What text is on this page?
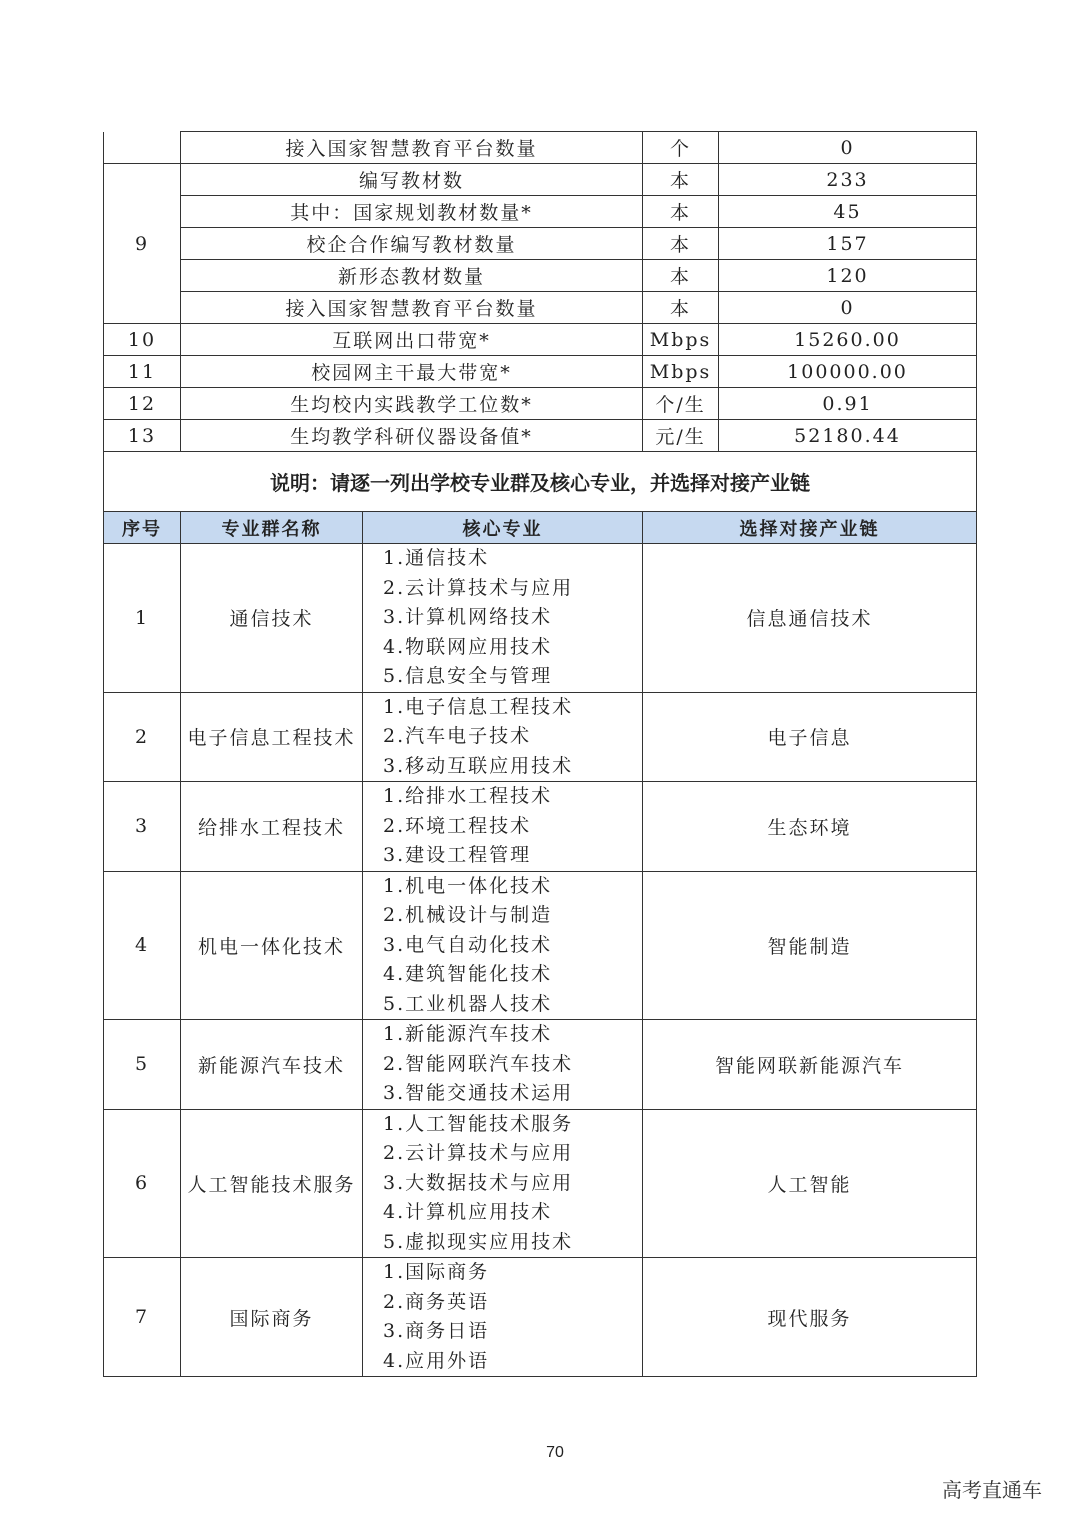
	接入国家智慧教育平台数量		个	0
9	编写教材数		本	233
	其中：国家规划教材数量*		本	45
	校企合作编写教材数量		本	157
	新形态教材数量		本	120
	接入国家智慧教育平台数量		本	0
10	互联网出口带宽*		Mbps	15260.00
11	校园网主干最大带宽*		Mbps	100000.00
12	生均校内实践教学工位数*		个/生	0.91
13	生均教学科研仪器设备值*		元/生	52180.44
说明：请逐一列出学校专业群及核心专业，并选择对接产业链				
序号	专业群名称	核心专业	选择对接产业链	
1	通信技术	1.通信技术
2.云计算技术与应用
3.计算机网络技术
4.物联网应用技术
5.信息安全与管理	信息通信技术	
2	电子信息工程技术	1.电子信息工程技术
2.汽车电子技术
3.移动互联应用技术	电子信息	
3	给排水工程技术	1.给排水工程技术
2.环境工程技术
3.建设工程管理	生态环境	
4	机电一体化技术	1.机电一体化技术
2.机械设计与制造
3.电气自动化技术
4.建筑智能化技术
5.工业机器人技术	智能制造	
5	新能源汽车技术	1.新能源汽车技术
2.智能网联汽车技术
3.智能交通技术运用	智能网联新能源汽车	
6	人工智能技术服务	1.人工智能技术服务
2.云计算技术与应用
3.大数据技术与应用
4.计算机应用技术
5.虚拟现实应用技术	人工智能	
7	国际商务	1.国际商务
2.商务英语
3.商务日语
4.应用外语	现代服务	
70
高考直通车
